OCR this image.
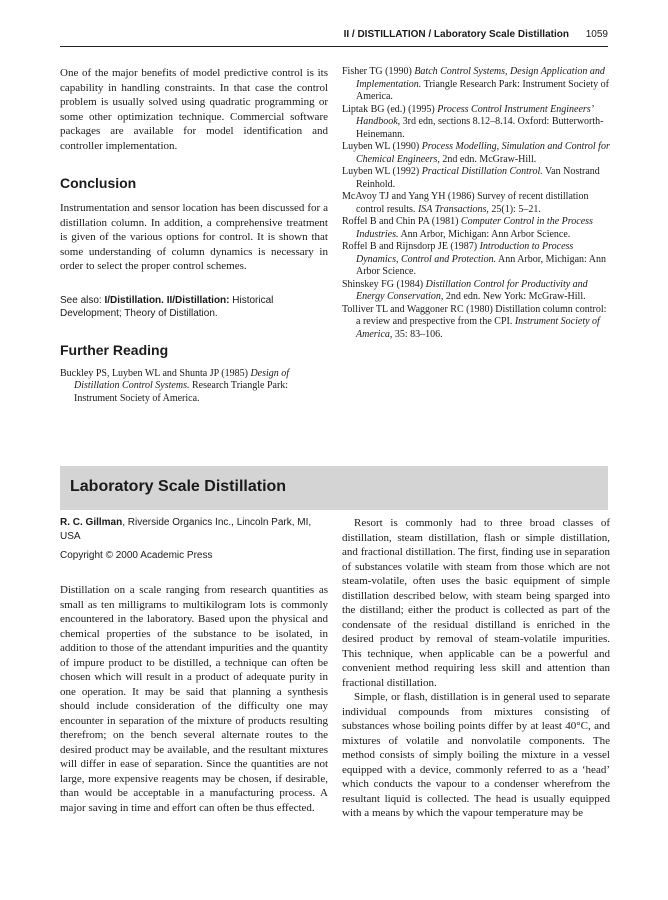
II / DISTILLATION / Laboratory Scale Distillation 1059

One of the major benefits of model predictive control is its capability in handling constraints. In that case the control problem is usually solved using quadratic programming or some other optimization technique. Commercial software packages are available for model identification and controller implementation.

Conclusion

Instrumentation and sensor location has been discussed for a distillation column. In addition, a comprehensive treatment is given of the various options for control. It is shown that some understanding of column dynamics is necessary in order to select the proper control schemes.

See also: I/Distillation. II/Distillation: Historical Development; Theory of Distillation.

Further Reading

Buckley PS, Luyben WL and Shunta JP (1985) Design of Distillation Control Systems. Research Triangle Park: Instrument Society of America.

Fisher TG (1990) Batch Control Systems, Design Application and Implementation. Triangle Research Park: Instrument Society of America.

Liptak BG (ed.) (1995) Process Control Instrument Engineers’ Handbook, 3rd edn, sections 8.12–8.14. Oxford: Butterworth-Heinemann.

Luyben WL (1990) Process Modelling, Simulation and Control for Chemical Engineers, 2nd edn. McGraw-Hill.

Luyben WL (1992) Practical Distillation Control. Van Nostrand Reinhold.

McAvoy TJ and Yang YH (1986) Survey of recent distillation control results. ISA Transactions, 25(1): 5–21.

Roffel B and Chin PA (1981) Computer Control in the Process Industries. Ann Arbor, Michigan: Ann Arbor Science.

Roffel B and Rijnsdorp JE (1987) Introduction to Process Dynamics, Control and Protection. Ann Arbor, Michigan: Ann Arbor Science.

Shinskey FG (1984) Distillation Control for Productivity and Energy Conservation, 2nd edn. New York: McGraw-Hill.

Tolliver TL and Waggoner RC (1980) Distillation column control: a review and prespective from the CPI. Instrument Society of America, 35: 83–106.

Laboratory Scale Distillation

R. C. Gillman, Riverside Organics Inc., Lincoln Park, MI, USA

Copyright © 2000 Academic Press

Distillation on a scale ranging from research quantities as small as ten milligrams to multikilogram lots is commonly encountered in the laboratory. Based upon the physical and chemical properties of the substance to be isolated, in addition to those of the attendant impurities and the quantity of impure product to be distilled, a technique can often be chosen which will result in a product of adequate purity in one operation. It may be said that planning a synthesis should include consideration of the difficulty one may encounter in separation of the mixture of products resulting therefrom; on the bench several alternate routes to the desired product may be available, and the resultant mixtures will differ in ease of separation. Since the quantities are not large, more expensive reagents may be chosen, if desirable, than would be acceptable in a manufacturing process. A major saving in time and effort can often be thus effected.

Resort is commonly had to three broad classes of distillation, steam distillation, flash or simple distillation, and fractional distillation. The first, finding use in separation of substances volatile with steam from those which are not steam-volatile, often uses the basic equipment of simple distillation described below, with steam being sparged into the distilland; either the product is collected as part of the condensate of the residual distilland is enriched in the desired product by removal of steam-volatile impurities. This technique, when applicable can be a powerful and convenient method requiring less skill and attention than fractional distillation.

Simple, or flash, distillation is in general used to separate individual compounds from mixtures consisting of substances whose boiling points differ by at least 40°C, and mixtures of volatile and nonvolatile components. The method consists of simply boiling the mixture in a vessel equipped with a device, commonly referred to as a ‘head’ which conducts the vapour to a condenser wherefrom the resultant liquid is collected. The head is usually equipped with a means by which the vapour temperature may be
